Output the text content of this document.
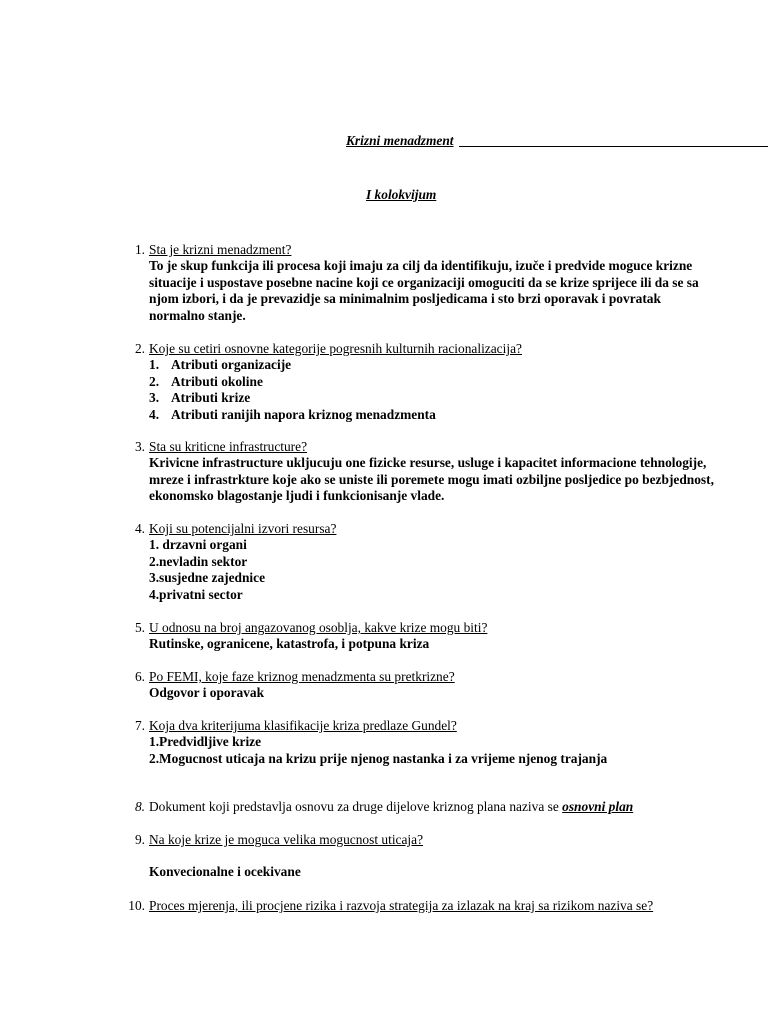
Krizni menadzment
I kolokvijum
1. Sta je krizni menadzment?
To je skup funkcija ili procesa koji imaju za cilj da identifikuju, izuče i predvide moguce krizne situacije i uspostave posebne nacine koji ce organizaciji omoguciti da se krize sprijece ili da se sa njom izbori, i da je prevazidje sa minimalnim posljedicama i sto brzi oporavak i povratak normalno stanje.
2. Koje su cetiri osnovne kategorije pogresnih kulturnih racionalizacija?
1. Atributi organizacije
2. Atributi okoline
3. Atributi krize
4. Atributi ranijih napora kriznog menadzmenta
3. Sta su kriticne infrastructure?
Krivicne infrastructure ukljucuju one fizicke resurse, usluge i kapacitet informacione tehnologije, mreze i infrastrkture koje ako se uniste ili poremete mogu imati ozbiljne posljedice po bezbjednost, ekonomsko blagostanje ljudi i funkcionisanje vlade.
4. Koji su potencijalni izvori resursa?
1. drzavni organi
2.nevladin sektor
3.susjedne zajednice
4.privatni sector
5. U odnosu na broj angazovanog osoblja, kakve krize mogu biti?
Rutinske, ogranicene, katastrofa, i potpuna kriza
6. Po FEMI, koje faze kriznog menadzmenta su pretkrizne?
Odgovor i oporavak
7. Koja dva kriterijuma klasifikacije kriza predlaze Gundel?
1.Predvidljive krize
2.Mogucnost uticaja na krizu prije njenog nastanka i za vrijeme njenog trajanja
8. Dokument koji predstavlja osnovu za druge dijelove kriznog plana naziva se osnovni plan
9. Na koje krize je moguca velika mogucnost uticaja?
Konvecionalne i ocekivane
10. Proces mjerenja, ili procjene rizika i razvoja strategija za izlazak na kraj sa rizikom naziva se?
